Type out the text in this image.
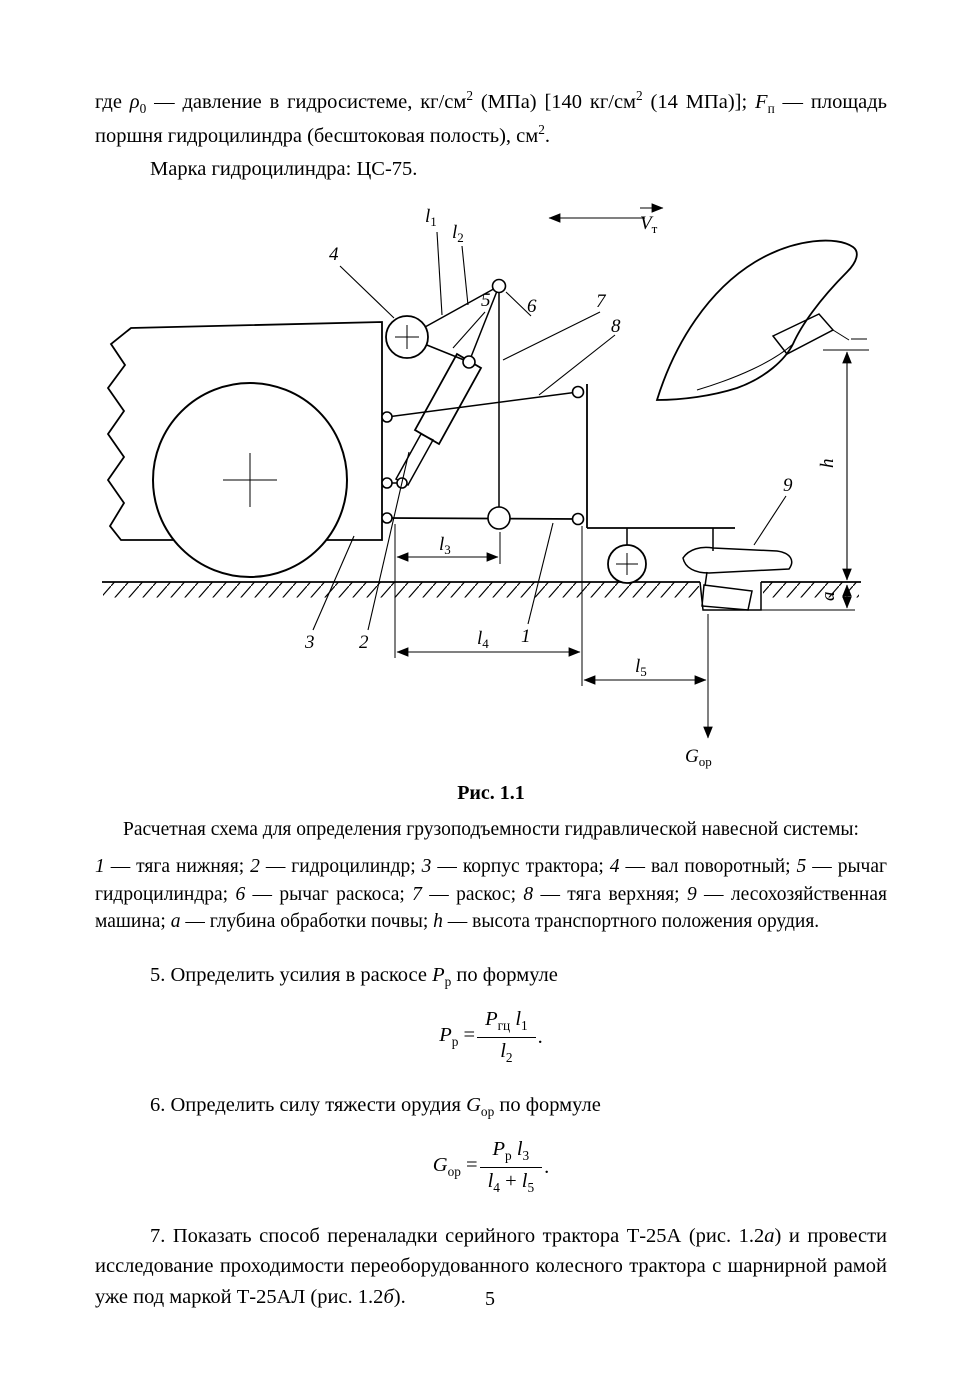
где $\rho_0$ — давление в гидросистеме, $кг/см^2$ (МПа) [140 $кг/см^2$ (14 МПа)]; $F_п$ — площадь поршня гидроцилиндра (бесштоковая полость), $см^2$.

Марка гидроцилиндра: ЦС-75.

1
2
3
4
5 6	7
8
9
$l_1$
$l_2$
$l_3$
$l_4$
$l_5$
$V_т$
$G_{ор}$
h
a

Рис. 1.1

Расчетная схема для определения грузоподъемности гидравлической навесной системы:

1 — тяга нижняя; 2 — гидроцилиндр; 3 — корпус трактора; 4 — вал поворотный; 5 — рычаг гидроцилиндра; 6 — рычаг раскоса; 7 — раскос; 8 — тяга верхняя; 9 — лесохозяйственная машина; а — глубина обработки почвы; h — высота транспортного положения орудия.

5. Определить усилия в раскосе $P_р$ по формуле

$P_р = \frac{P_{гц} l_1}{l_2}$ .

6. Определить силу тяжести орудия $G_{ор}$ по формуле

$G_{ор} = \frac{P_р l_3}{l_4 + l_5}$ .

7. Показать способ переналадки серийного трактора Т-25А (рис. 1.2а) и провести исследование проходимости переоборудованного колесного трактора с шарнирной рамой уже под маркой Т-25АЛ (рис. 1.2б).	5
